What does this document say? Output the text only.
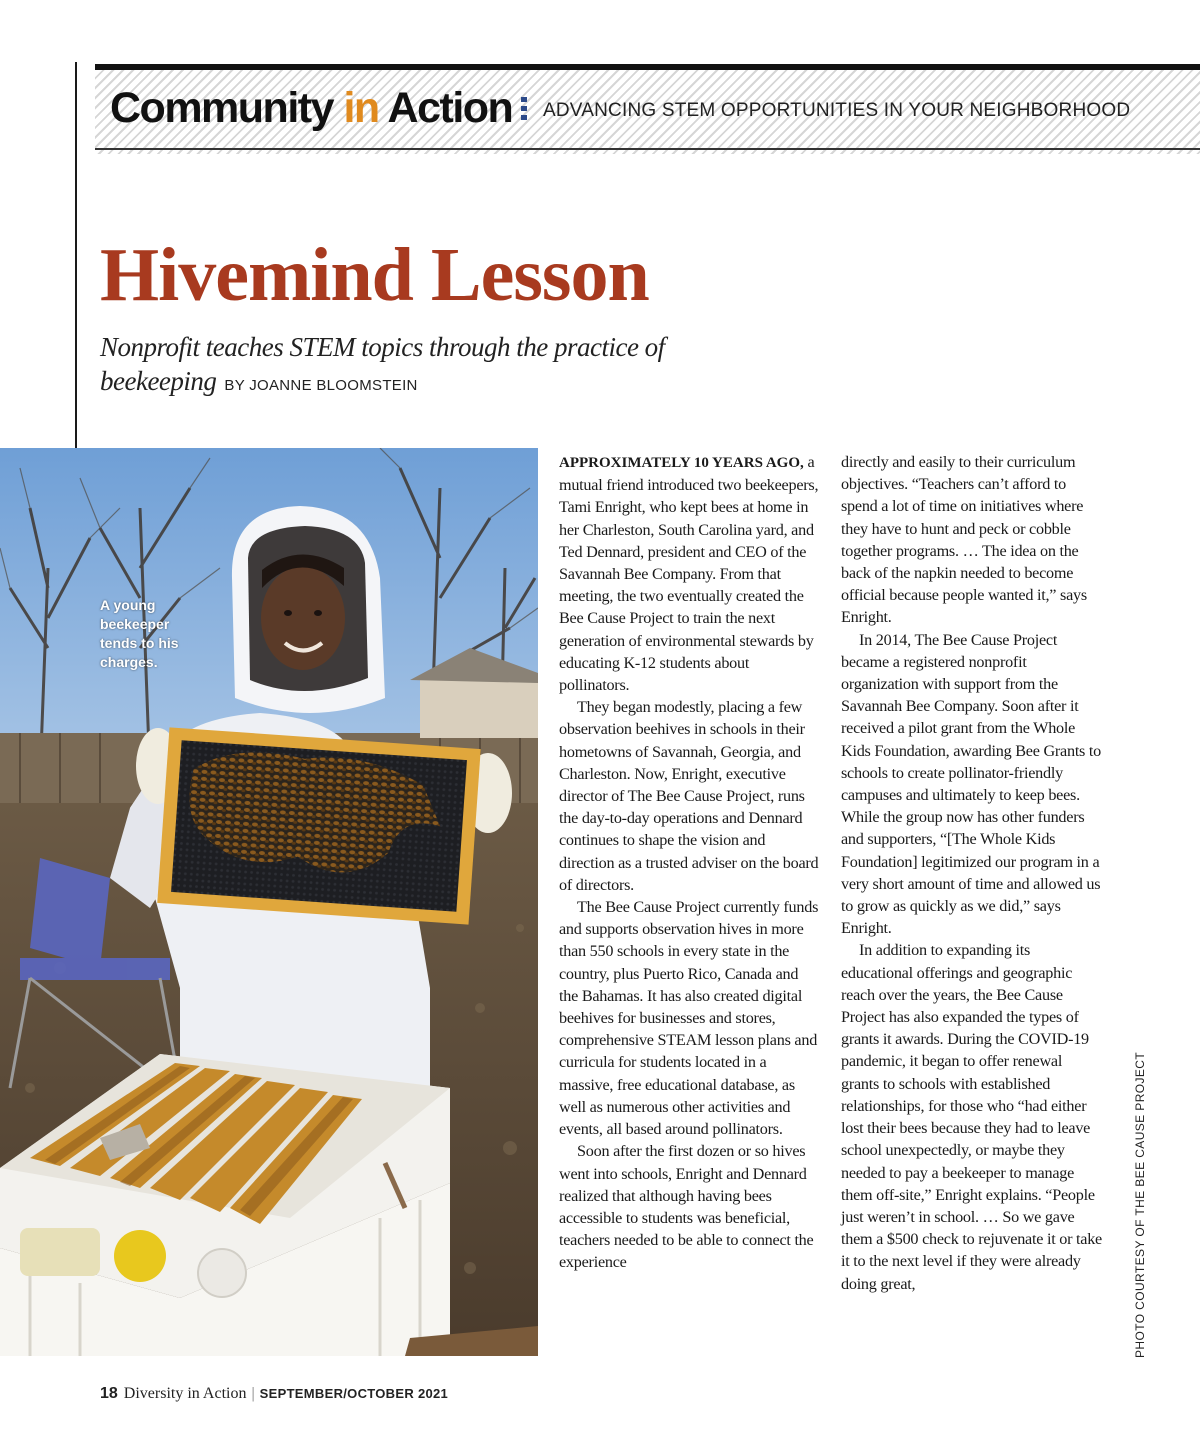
Community in Action ADVANCING STEM OPPORTUNITIES IN YOUR NEIGHBORHOOD
Hivemind Lesson
Nonprofit teaches STEM topics through the practice of beekeeping BY JOANNE BLOOMSTEIN
A young beekeeper tends to his charges.

APPROXIMATELY 10 YEARS AGO, a mutual friend introduced two beekeepers, Tami Enright, who kept bees at home in her Charleston, South Carolina yard, and Ted Dennard, president and CEO of the Savannah Bee Company. From that meeting, the two eventually created the Bee Cause Project to train the next generation of environmental stewards by educating K-12 students about pollinators.

They began modestly, placing a few observation beehives in schools in their hometowns of Savannah, Georgia, and Charleston. Now, Enright, executive director of The Bee Cause Project, runs the day-to-day operations and Dennard continues to shape the vision and direction as a trusted adviser on the board of directors.

The Bee Cause Project currently funds and supports observation hives in more than 550 schools in every state in the country, plus Puerto Rico, Canada and the Bahamas. It has also created digital beehives for businesses and stores, comprehensive STEAM lesson plans and curricula for students located in a massive, free educational database, as well as numerous other activities and events, all based around pollinators.

Soon after the first dozen or so hives went into schools, Enright and Dennard realized that although having bees accessible to students was beneficial, teachers needed to be able to connect the experience

directly and easily to their curriculum objectives. “Teachers can’t afford to spend a lot of time on initiatives where they have to hunt and peck or cobble together programs. … The idea on the back of the napkin needed to become official because people wanted it,” says Enright.

In 2014, The Bee Cause Project became a registered nonprofit organization with support from the Savannah Bee Company. Soon after it received a pilot grant from the Whole Kids Foundation, awarding Bee Grants to schools to create pollinator-friendly campuses and ultimately to keep bees. While the group now has other funders and supporters, “[The Whole Kids Foundation] legitimized our program in a very short amount of time and allowed us to grow as quickly as we did,” says Enright.

In addition to expanding its educational offerings and geographic reach over the years, the Bee Cause Project has also expanded the types of grants it awards. During the COVID-19 pandemic, it began to offer renewal grants to schools with established relationships, for those who “had either lost their bees because they had to leave school unexpectedly, or maybe they needed to pay a beekeeper to manage them off-site,” Enright explains. “People just weren’t in school. … So we gave them a $500 check to rejuvenate it or take it to the next level if they were already doing great,	PHOTO COURTESY OF THE BEE CAUSE PROJECT
18 Diversity in Action | SEPTEMBER/OCTOBER 2021
